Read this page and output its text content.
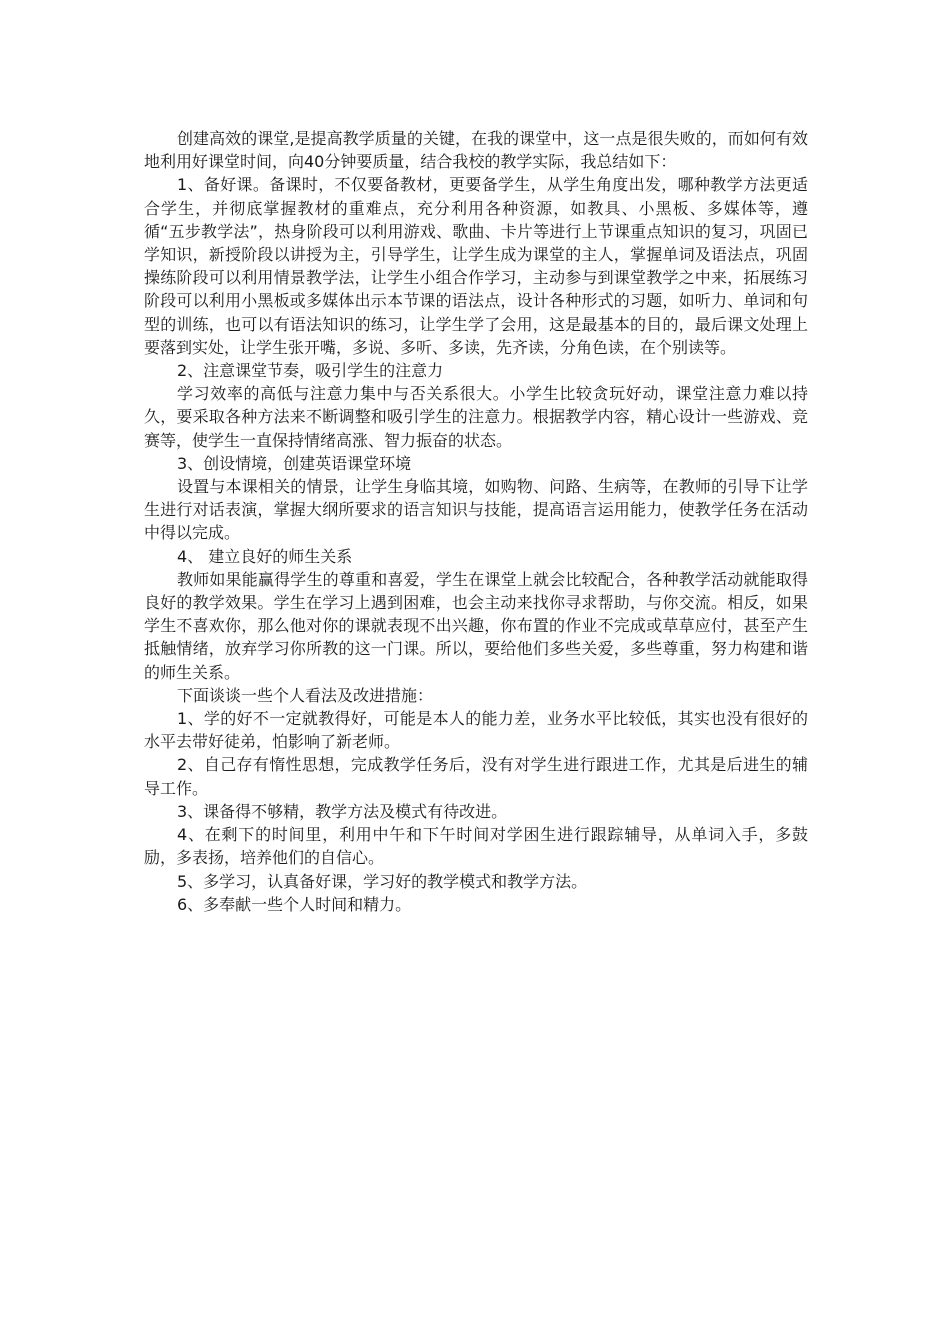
创建高效的课堂,是提高教学质量的关键，在我的课堂中，这一点是很失败的，而如何有效地利用好课堂时间，向40分钟要质量，结合我校的教学实际，我总结如下：

1、备好课。备课时，不仅要备教材，更要备学生，从学生角度出发，哪种教学方法更适合学生，并彻底掌握教材的重难点，充分利用各种资源，如教具、小黑板、多媒体等，遵循“五步教学法”，热身阶段可以利用游戏、歌曲、卡片等进行上节课重点知识的复习，巩固已学知识，新授阶段以讲授为主，引导学生，让学生成为课堂的主人，掌握单词及语法点，巩固操练阶段可以利用情景教学法，让学生小组合作学习，主动参与到课堂教学之中来，拓展练习阶段可以利用小黑板或多媒体出示本节课的语法点，设计各种形式的习题，如听力、单词和句型的训练，也可以有语法知识的练习，让学生学了会用，这是最基本的目的，最后课文处理上要落到实处，让学生张开嘴，多说、多听、多读，先齐读，分角色读，在个别读等。

2、注意课堂节奏，吸引学生的注意力

学习效率的高低与注意力集中与否关系很大。小学生比较贪玩好动，课堂注意力难以持久，要采取各种方法来不断调整和吸引学生的注意力。根据教学内容，精心设计一些游戏、竞赛等，使学生一直保持情绪高涨、智力振奋的状态。

3、创设情境，创建英语课堂环境

设置与本课相关的情景，让学生身临其境，如购物、问路、生病等，在教师的引导下让学生进行对话表演，掌握大纲所要求的语言知识与技能，提高语言运用能力，使教学任务在活动中得以完成。

4、 建立良好的师生关系

教师如果能赢得学生的尊重和喜爱，学生在课堂上就会比较配合，各种教学活动就能取得良好的教学效果。学生在学习上遇到困难，也会主动来找你寻求帮助，与你交流。相反，如果学生不喜欢你，那么他对你的课就表现不出兴趣，你布置的作业不完成或草草应付，甚至产生抵触情绪，放弃学习你所教的这一门课。所以，要给他们多些关爱，多些尊重，努力构建和谐的师生关系。

下面谈谈一些个人看法及改进措施：

1、学的好不一定就教得好，可能是本人的能力差，业务水平比较低，其实也没有很好的水平去带好徒弟，怕影响了新老师。

2、自己存有惰性思想，完成教学任务后，没有对学生进行跟进工作，尤其是后进生的辅导工作。

3、课备得不够精，教学方法及模式有待改进。

4、在剩下的时间里，利用中午和下午时间对学困生进行跟踪辅导，从单词入手，多鼓励，多表扬，培养他们的自信心。

5、多学习，认真备好课，学习好的教学模式和教学方法。

6、多奉献一些个人时间和精力。
